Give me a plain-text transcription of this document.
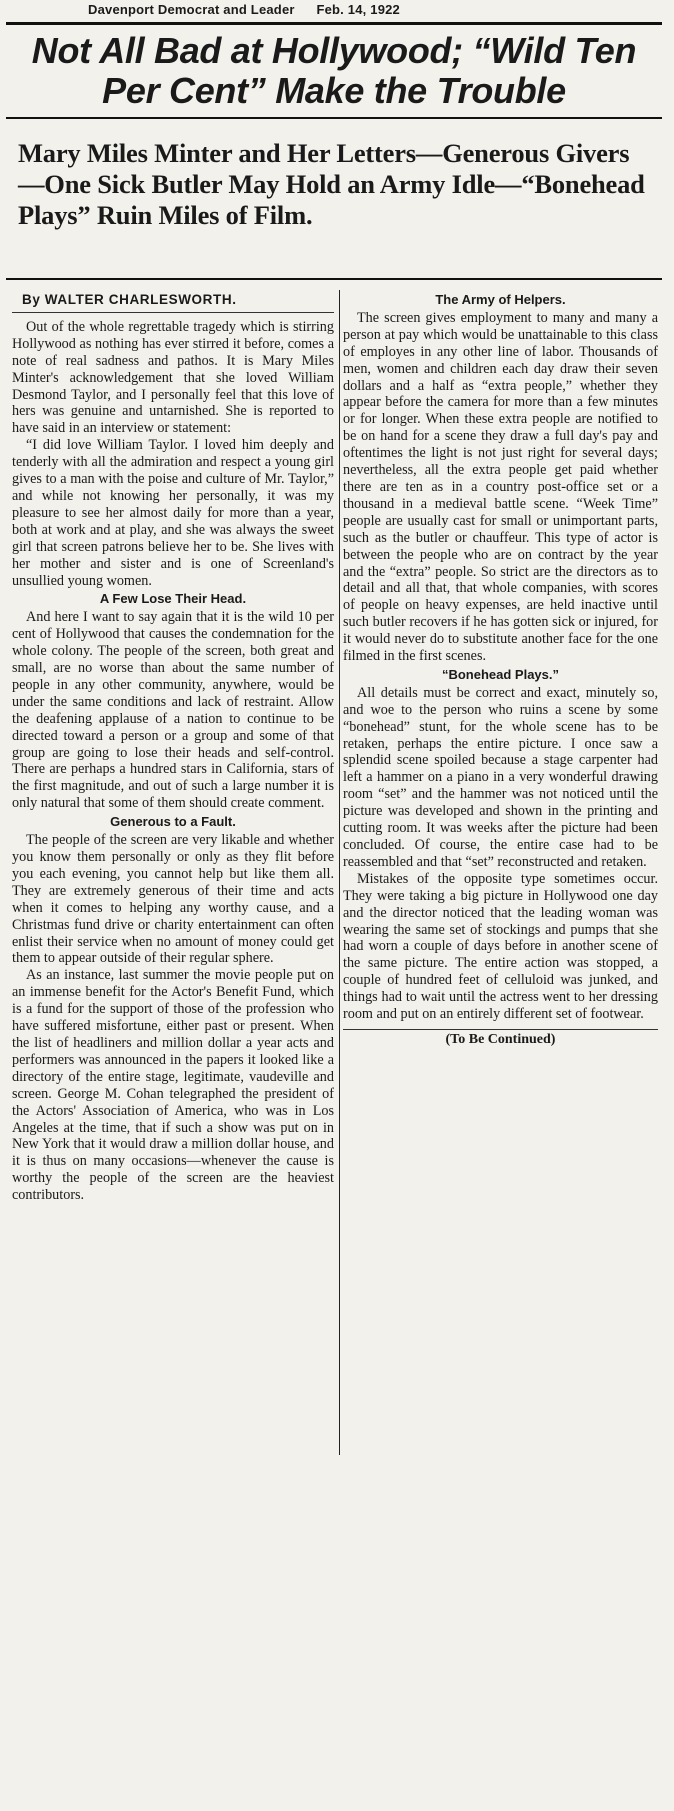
Davenport Democrat and Leader Feb. 14, 1922
Not All Bad at Hollywood; “Wild Ten Per Cent” Make the Trouble
Mary Miles Minter and Her Letters—Generous Givers—One Sick Butler May Hold an Army Idle—“Bonehead Plays” Ruin Miles of Film.
By WALTER CHARLESWORTH.

Out of the whole regrettable tragedy which is stirring Hollywood as nothing has ever stirred it before, comes a note of real sadness and pathos. It is Mary Miles Minter's acknowledgement that she loved William Desmond Taylor, and I personally feel that this love of hers was genuine and untarnished. She is reported to have said in an interview or statement:

“I did love William Taylor. I loved him deeply and tenderly with all the admiration and respect a young girl gives to a man with the poise and culture of Mr. Taylor,” and while not knowing her personally, it was my pleasure to see her almost daily for more than a year, both at work and at play, and she was always the sweet girl that screen patrons believe her to be. She lives with her mother and sister and is one of Screenland's unsullied young women.

A Few Lose Their Head.

And here I want to say again that it is the wild 10 per cent of Hollywood that causes the condemnation for the whole colony. The people of the screen, both great and small, are no worse than about the same number of people in any other community, anywhere, would be under the same conditions and lack of restraint. Allow the deafening applause of a nation to continue to be directed toward a person or a group and some of that group are going to lose their heads and self-control. There are perhaps a hundred stars in California, stars of the first magnitude, and out of such a large number it is only natural that some of them should create comment.

Generous to a Fault.

The people of the screen are very likable and whether you know them personally or only as they flit before you each evening, you cannot help but like them all. They are extremely generous of their time and acts when it comes to helping any worthy cause, and a Christmas fund drive or charity entertainment can often enlist their service when no amount of money could get them to appear outside of their regular sphere.

As an instance, last summer the movie people put on an immense benefit for the Actor's Benefit Fund, which is a fund for the support of those of the profession who have suffered misfortune, either past or present. When the list of headliners and million dollar a year acts and performers was announced in the papers it looked like a directory of the entire stage, legitimate, vaudeville and screen. George M. Cohan telegraphed the president of the Actors' Association of America, who was in Los Angeles at the time, that if such a show was put on in New York that it would draw a million dollar house, and it is thus on many occasions—whenever the cause is worthy the people of the screen are the heaviest contributors.

The Army of Helpers.

The screen gives employment to many and many a person at pay which would be unattainable to this class of employes in any other line of labor. Thousands of men, women and children each day draw their seven dollars and a half as “extra people,” whether they appear before the camera for more than a few minutes or for longer. When these extra people are notified to be on hand for a scene they draw a full day's pay and oftentimes the light is not just right for several days; nevertheless, all the extra people get paid whether there are ten as in a country post-office set or a thousand in a medieval battle scene. “Week Time” people are usually cast for small or unimportant parts, such as the butler or chauffeur. This type of actor is between the people who are on contract by the year and the “extra” people. So strict are the directors as to detail and all that, that whole companies, with scores of people on heavy expenses, are held inactive until such butler recovers if he has gotten sick or injured, for it would never do to substitute another face for the one filmed in the first scenes.

“Bonehead Plays.”

All details must be correct and exact, minutely so, and woe to the person who ruins a scene by some “bonehead” stunt, for the whole scene has to be retaken, perhaps the entire picture. I once saw a splendid scene spoiled because a stage carpenter had left a hammer on a piano in a very wonderful drawing room “set” and the hammer was not noticed until the picture was developed and shown in the printing and cutting room. It was weeks after the picture had been concluded. Of course, the entire case had to be reassembled and that “set” reconstructed and retaken.

Mistakes of the opposite type sometimes occur. They were taking a big picture in Hollywood one day and the director noticed that the leading woman was wearing the same set of stockings and pumps that she had worn a couple of days before in another scene of the same picture. The entire action was stopped, a couple of hundred feet of celluloid was junked, and things had to wait until the actress went to her dressing room and put on an entirely different set of footwear.

(To Be Continued)
